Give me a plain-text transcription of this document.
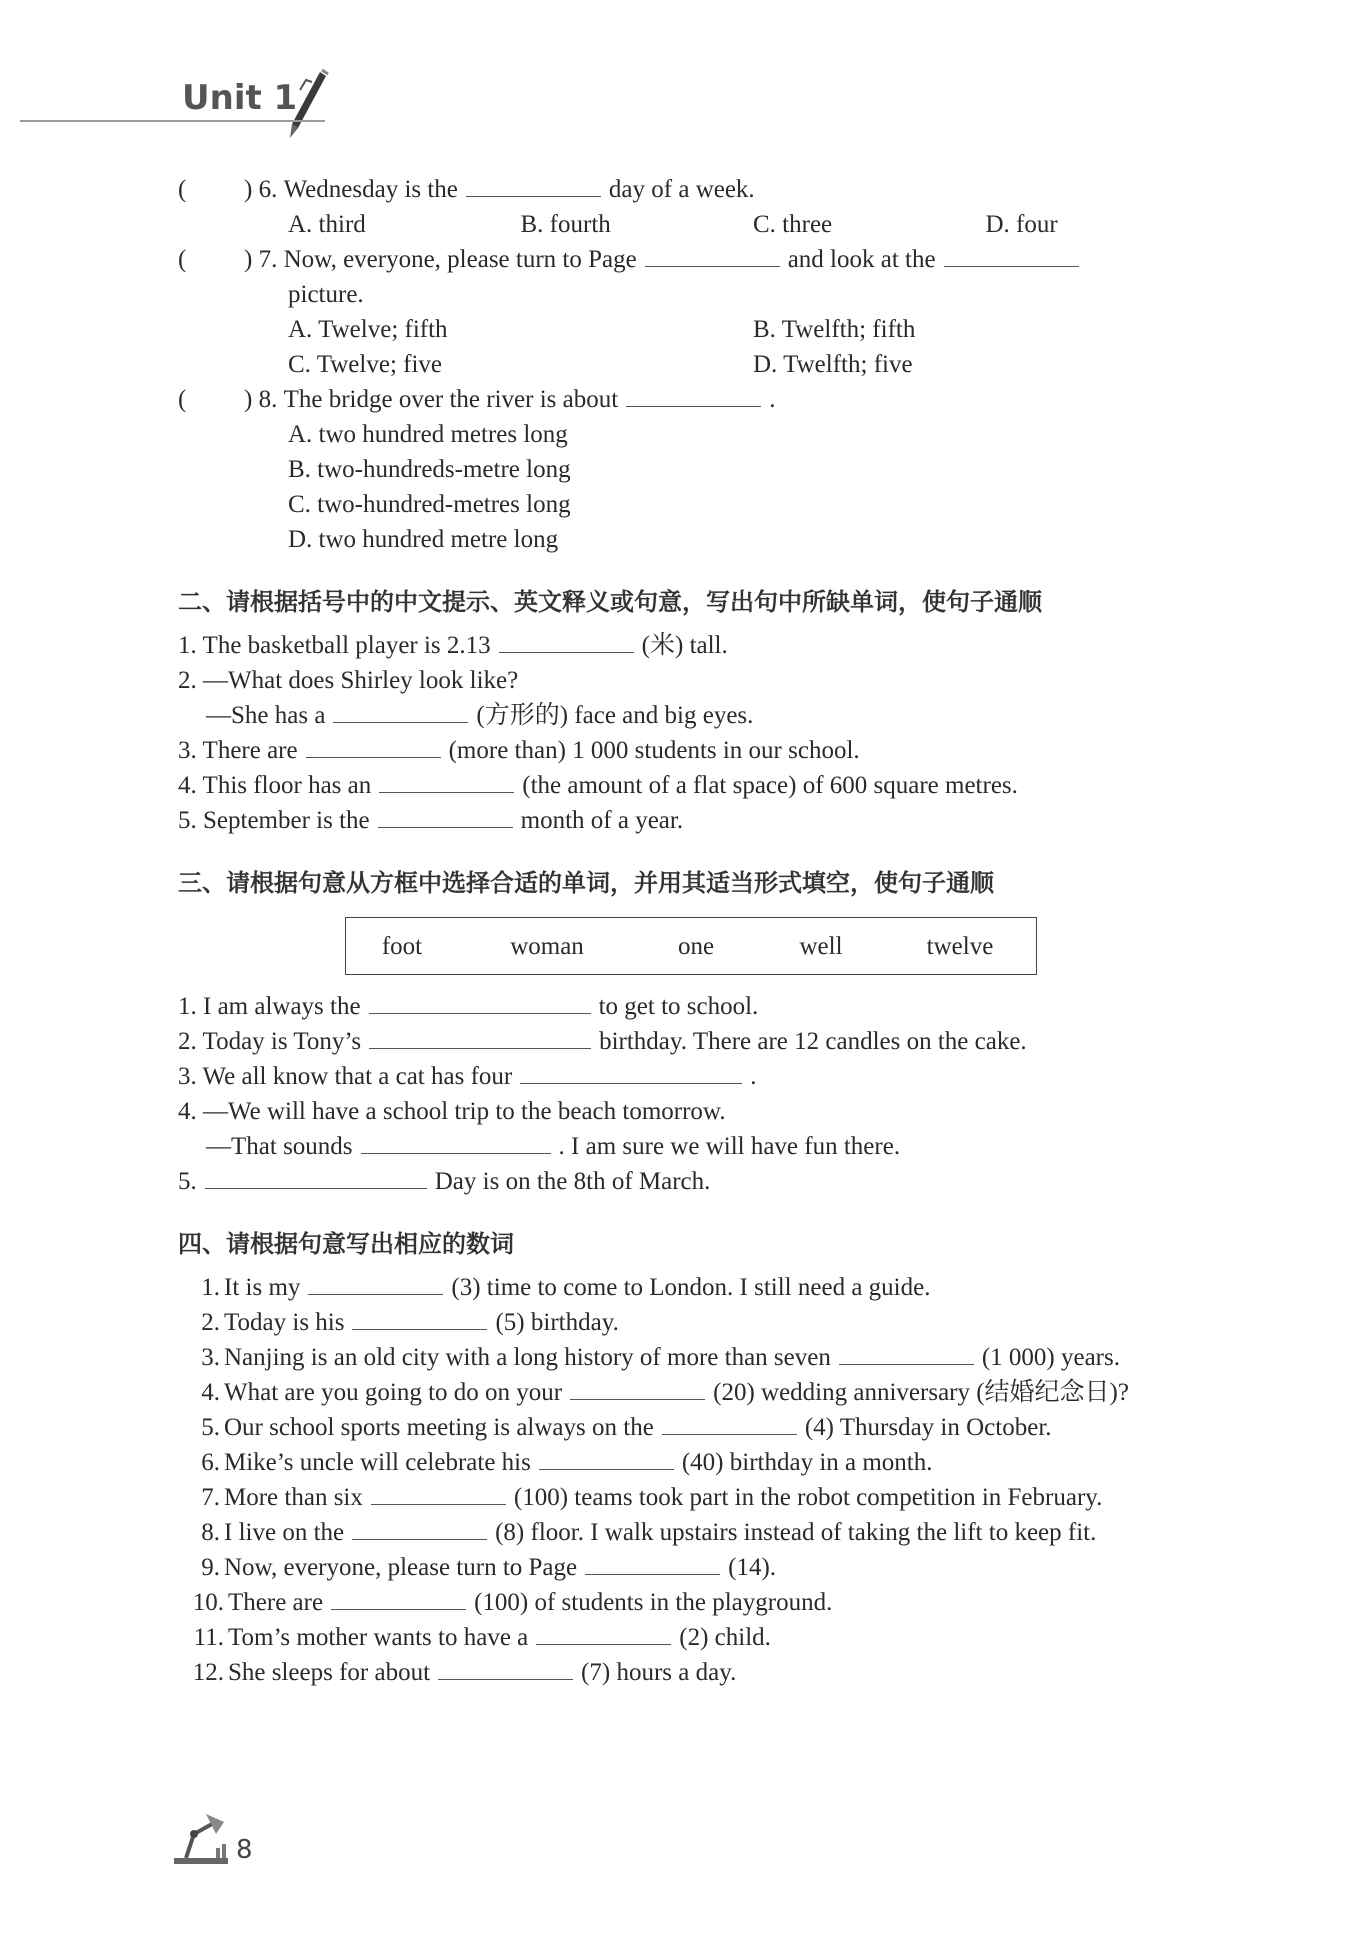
Unit 1
(	) 6.
Wednesday is the	day of a week.
A. third	B. fourth	C. three	D. four
(	) 7.
Now, everyone, please turn to Page	and look at the
picture.
A. Twelve; fifth	B. Twelfth; fifth
C. Twelve; five	D. Twelfth; five
(	) 8.
The bridge over the river is about	.
A. two hundred metres long
B. two-hundreds-metre long
C. two-hundred-metres long
D. two hundred metre long
二、请根据括号中的中文提示、英文释义或句意，写出句中所缺单词，使句子通顺
1. The basketball player is 2.13	(米) tall.
2. —What does Shirley look like?
—She has a	(方形的) face and big eyes.
3. There are	(more than) 1 000 students in our school.
4. This floor has an	(the amount of a flat space) of 600 square metres.
5. September is the	month of a year.
三、请根据句意从方框中选择合适的单词，并用其适当形式填空，使句子通顺
foot	woman	one	well	twelve
1. I am always the	to get to school.
2. Today is Tony’s	birthday. There are 12 candles on the cake.
3. We all know that a cat has four	.
4. —We will have a school trip to the beach tomorrow.
—That sounds	. I am sure we will have fun there.
5.	Day is on the 8th of March.
四、请根据句意写出相应的数词
1. It is my	(3) time to come to London. I still need a guide.
2. Today is his	(5) birthday.
3. Nanjing is an old city with a long history of more than seven	(1 000) years.
4. What are you going to do on your	(20) wedding anniversary (结婚纪念日)?
5. Our school sports meeting is always on the	(4) Thursday in October.
6. Mike’s uncle will celebrate his	(40) birthday in a month.
7. More than six	(100) teams took part in the robot competition in February.
8. I live on the	(8) floor. I walk upstairs instead of taking the lift to keep fit.
9. Now, everyone, please turn to Page	(14).
10. There are	(100) of students in the playground.
11. Tom’s mother wants to have a	(2) child.
12. She sleeps for about	(7) hours a day.
8
